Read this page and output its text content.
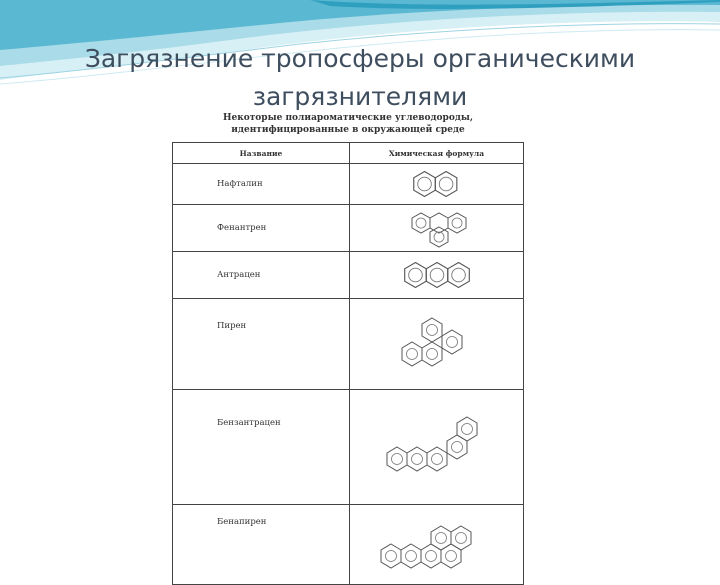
Загрязнение тропосферы органическими
загрязнителями
Некоторые полиароматические углеводороды,
идентифицированные в окружающей среде
Название	Химическая формула
Нафталин	
Фенантрен	
Антрацен	
Пирен	
Бензантрацен	
Бенапирен	
